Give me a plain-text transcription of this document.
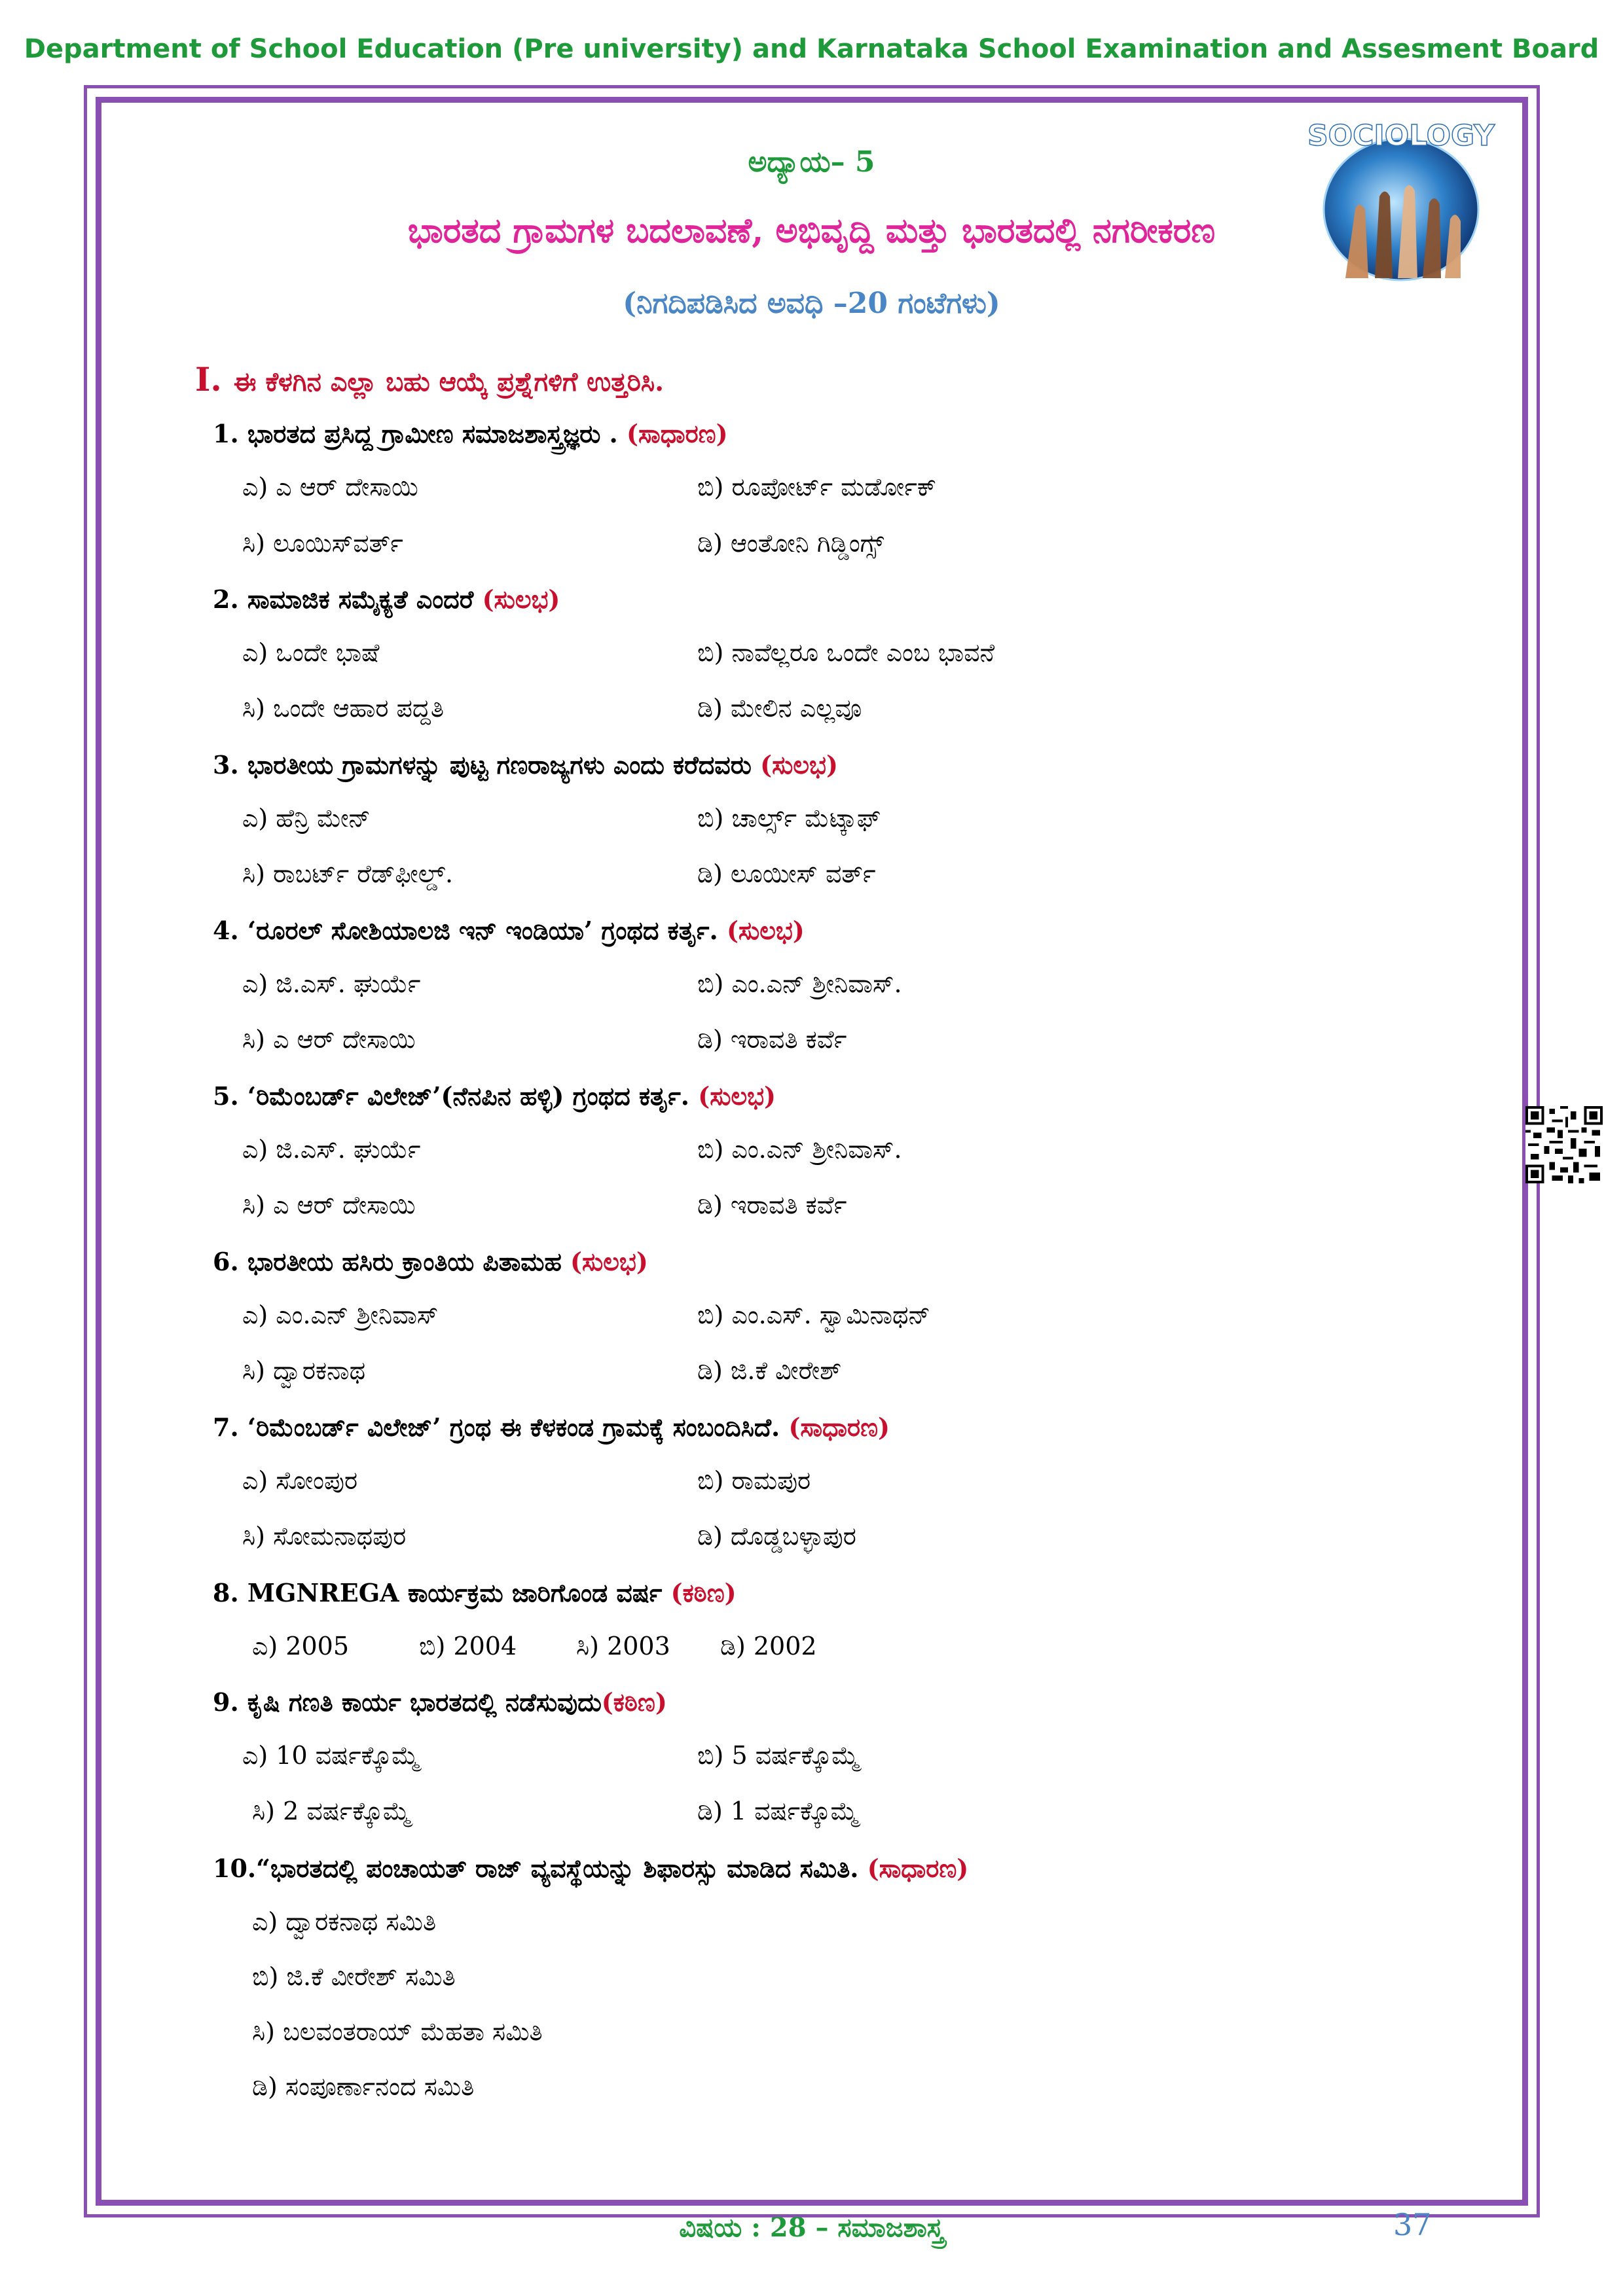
Department of School Education (Pre university) and Karnataka School Examination and Assesment Board
SOCIOLOGY
ಅದ್ಯಾಯ– 5
ಭಾರತದ ಗ್ರಾಮಗಳ ಬದಲಾವಣೆ, ಅಭಿವೃದ್ದಿ ಮತ್ತು ಭಾರತದಲ್ಲಿ ನಗರೀಕರಣ
(ನಿಗದಿಪಡಿಸಿದ ಅವಧಿ –20 ಗಂಟೆಗಳು)
I. ಈ ಕೆಳಗಿನ ಎಲ್ಲಾ ಬಹು ಆಯ್ಕೆ ಪ್ರಶ್ನೆಗಳಿಗೆ ಉತ್ತರಿಸಿ.
1. ಭಾರತದ ಪ್ರಸಿದ್ದ ಗ್ರಾಮೀಣ ಸಮಾಜಶಾಸ್ತ್ರಜ್ಞರು . (ಸಾಧಾರಣ)
ಎ) ಎ ಆರ್ ದೇಸಾಯಿ	ಬಿ) ರೂಪೋರ್ಟ್ ಮರ್ಡೋಕ್
ಸಿ) ಲೂಯಿಸ್‌ವರ್ತ್	ಡಿ) ಆಂತೋನಿ ಗಿಡ್ಡಿಂಗ್ಸ್
2. ಸಾಮಾಜಿಕ ಸಮೈಕ್ಯತೆ ಎಂದರೆ (ಸುಲಭ)
ಎ) ಒಂದೇ ಭಾಷೆ	ಬಿ) ನಾವೆಲ್ಲರೂ ಒಂದೇ ಎಂಬ ಭಾವನೆ
ಸಿ) ಒಂದೇ ಆಹಾರ ಪದ್ದತಿ	ಡಿ) ಮೇಲಿನ ಎಲ್ಲವೂ
3. ಭಾರತೀಯ ಗ್ರಾಮಗಳನ್ನು ಪುಟ್ಟ ಗಣರಾಜ್ಯಗಳು ಎಂದು ಕರೆದವರು (ಸುಲಭ)
ಎ) ಹೆನ್ರಿ ಮೇನ್	ಬಿ) ಚಾರ್ಲ್ಸ್ ಮೆಟ್ಕಾಫ್
ಸಿ) ರಾಬರ್ಟ್ ರೆಡ್‌ಫೀಲ್ಡ್.	ಡಿ) ಲೂಯೀಸ್ ವರ್ತ್
4. ‘ರೂರಲ್ ಸೋಶಿಯಾಲಜಿ ಇನ್ ಇಂಡಿಯಾ’ ಗ್ರಂಥದ ಕರ್ತೃ. (ಸುಲಭ)
ಎ) ಜಿ.ಎಸ್. ಘುರ್ಯೆ	ಬಿ) ಎಂ.ಎನ್ ಶ್ರೀನಿವಾಸ್.
ಸಿ) ಎ ಆರ್ ದೇಸಾಯಿ	ಡಿ) ಇರಾವತಿ ಕರ್ವೆ
5. ‘ರಿಮೆಂಬರ್ಡ್ ವಿಲೇಜ್’(ನೆನಪಿನ ಹಳ್ಳಿ) ಗ್ರಂಥದ ಕರ್ತೃ. (ಸುಲಭ)
ಎ) ಜಿ.ಎಸ್. ಘುರ್ಯೆ	ಬಿ) ಎಂ.ಎನ್ ಶ್ರೀನಿವಾಸ್.
ಸಿ) ಎ ಆರ್ ದೇಸಾಯಿ	ಡಿ) ಇರಾವತಿ ಕರ್ವೆ
6. ಭಾರತೀಯ ಹಸಿರು ಕ್ರಾಂತಿಯ ಪಿತಾಮಹ (ಸುಲಭ)
ಎ) ಎಂ.ಎನ್ ಶ್ರೀನಿವಾಸ್	ಬಿ) ಎಂ.ಎಸ್. ಸ್ವಾಮಿನಾಥನ್
ಸಿ) ದ್ವಾರಕನಾಥ	ಡಿ) ಜಿ.ಕೆ ವೀರೇಶ್
7. ‘ರಿಮೆಂಬರ್ಡ್ ವಿಲೇಜ್’ ಗ್ರಂಥ ಈ ಕೆಳಕಂಡ ಗ್ರಾಮಕ್ಕೆ ಸಂಬಂದಿಸಿದೆ. (ಸಾಧಾರಣ)
ಎ) ಸೋಂಪುರ	ಬಿ) ರಾಮಪುರ
ಸಿ) ಸೋಮನಾಥಪುರ	ಡಿ) ದೊಡ್ಡಬಳ್ಳಾಪುರ
8. MGNREGA ಕಾರ್ಯಕ್ರಮ ಜಾರಿಗೊಂಡ ವರ್ಷ (ಕಠಿಣ)
ಎ) 2005	ಬಿ) 2004 ಸಿ) 2003 ಡಿ) 2002
9. ಕೃಷಿ ಗಣತಿ ಕಾರ್ಯ ಭಾರತದಲ್ಲಿ ನಡೆಸುವುದು(ಕಠಿಣ)
ಎ) 10 ವರ್ಷಕ್ಕೊಮ್ಮೆ	ಬಿ) 5 ವರ್ಷಕ್ಕೊಮ್ಮೆ
ಸಿ) 2 ವರ್ಷಕ್ಕೊಮ್ಮೆ	ಡಿ) 1 ವರ್ಷಕ್ಕೊಮ್ಮೆ
10.“ಭಾರತದಲ್ಲಿ ಪಂಚಾಯತ್ ರಾಜ್ ವ್ಯವಸ್ಥೆಯನ್ನು ಶಿಫಾರಸ್ಸು ಮಾಡಿದ ಸಮಿತಿ. (ಸಾಧಾರಣ)
ಎ) ದ್ವಾರಕನಾಥ ಸಮಿತಿ
ಬಿ) ಜಿ.ಕೆ ವೀರೇಶ್ ಸಮಿತಿ
ಸಿ) ಬಲವಂತರಾಯ್ ಮೆಹತಾ ಸಮಿತಿ
ಡಿ) ಸಂಪೂರ್ಣಾನಂದ ಸಮಿತಿ
ವಿಷಯ : 28 – ಸಮಾಜಶಾಸ್ತ್ರ	37
